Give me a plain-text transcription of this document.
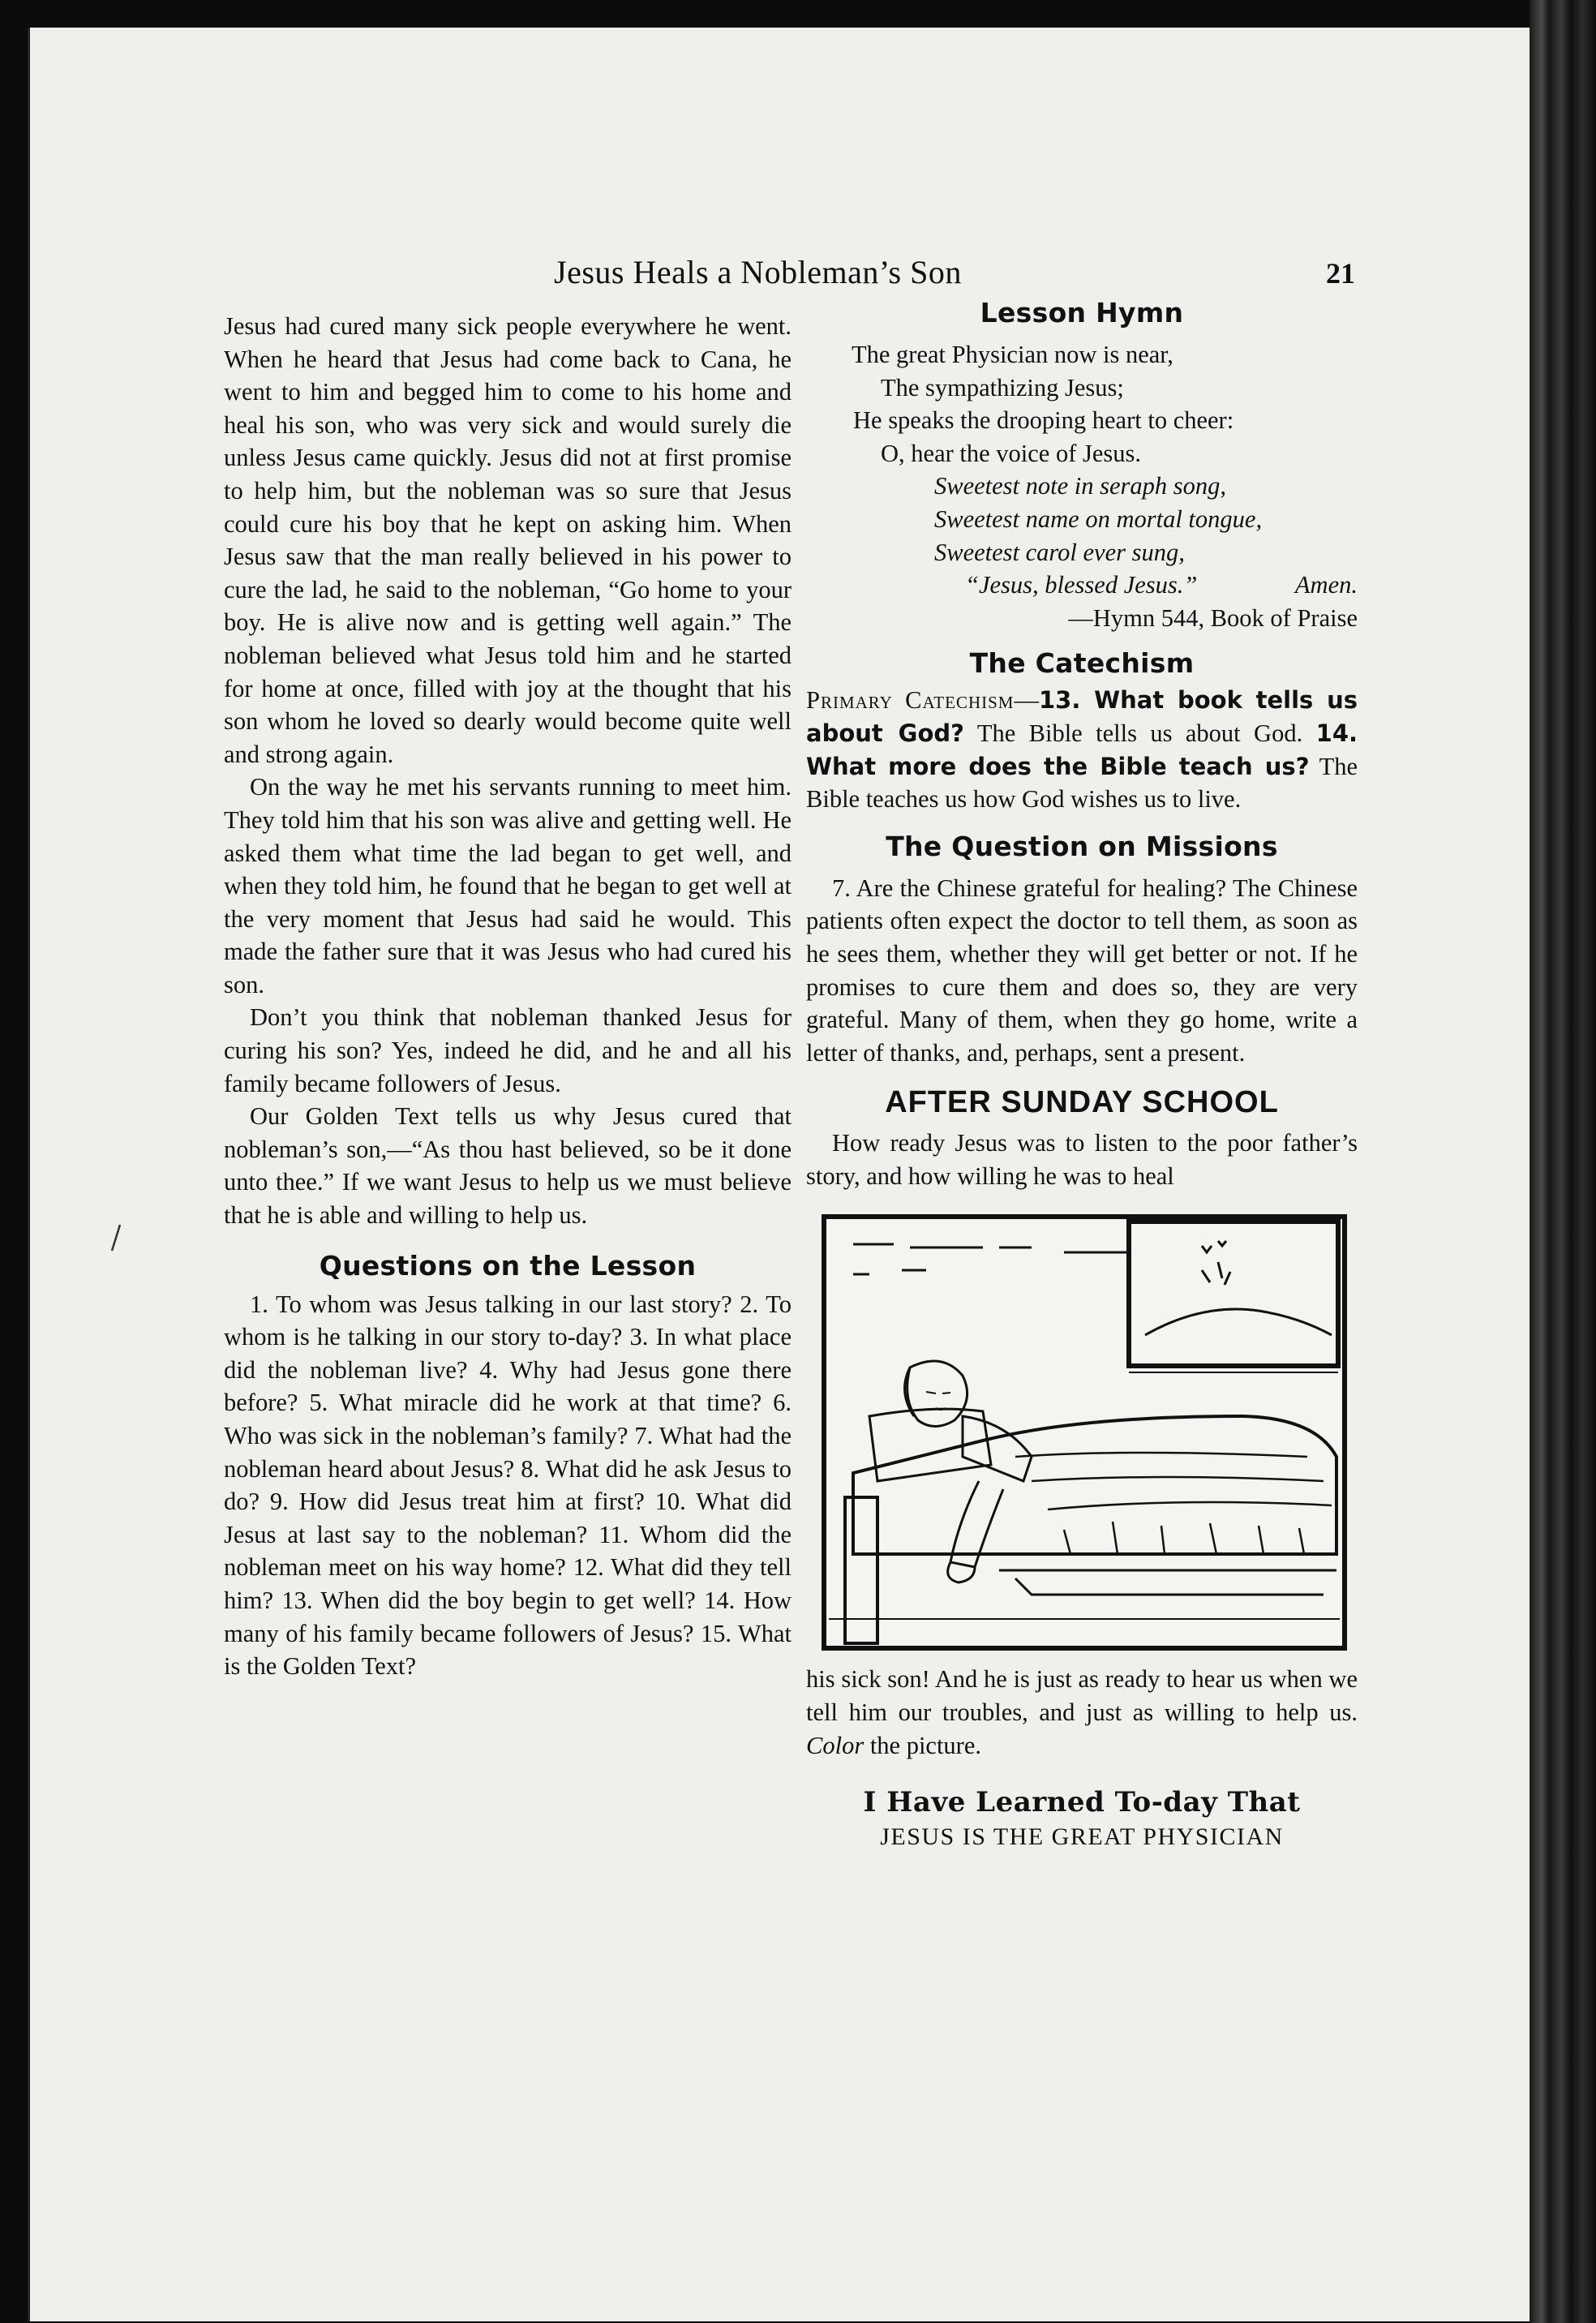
Jesus Heals a Nobleman’s Son	21

Jesus had cured many sick people everywhere he went. When he heard that Jesus had come back to Cana, he went to him and begged him to come to his home and heal his son, who was very sick and would surely die unless Jesus came quickly. Jesus did not at first promise to help him, but the nobleman was so sure that Jesus could cure his boy that he kept on asking him. When Jesus saw that the man really believed in his power to cure the lad, he said to the nobleman, “Go home to your boy. He is alive now and is getting well again.” The nobleman believed what Jesus told him and he started for home at once, filled with joy at the thought that his son whom he loved so dearly would become quite well and strong again.

On the way he met his servants running to meet him. They told him that his son was alive and getting well. He asked them what time the lad began to get well, and when they told him, he found that he began to get well at the very moment that Jesus had said he would. This made the father sure that it was Jesus who had cured his son.

Don’t you think that nobleman thanked Jesus for curing his son? Yes, indeed he did, and he and all his family became followers of Jesus.

Our Golden Text tells us why Jesus cured that nobleman’s son,—“As thou hast believed, so be it done unto thee.” If we want Jesus to help us we must believe that he is able and willing to help us.

Questions on the Lesson

1. To whom was Jesus talking in our last story? 2. To whom is he talking in our story to-day? 3. In what place did the nobleman live? 4. Why had Jesus gone there before? 5. What miracle did he work at that time? 6. Who was sick in the nobleman’s family? 7. What had the nobleman heard about Jesus? 8. What did he ask Jesus to do? 9. How did Jesus treat him at first? 10. What did Jesus at last say to the nobleman? 11. Whom did the nobleman meet on his way home? 12. What did they tell him? 13. When did the boy begin to get well? 14. How many of his family became followers of Jesus? 15. What is the Golden Text?

Lesson Hymn
The great Physician now is near,
The sympathizing Jesus;
He speaks the drooping heart to cheer:
O, hear the voice of Jesus.
Sweetest note in seraph song,
Sweetest name on mortal tongue,
Sweetest carol ever sung,
“Jesus, blessed Jesus.”	Amen.
—Hymn 544, Book of Praise
The Catechism

Primary Catechism—13. What book tells us about God? The Bible tells us about God. 14. What more does the Bible teach us? The Bible teaches us how God wishes us to live.

The Question on Missions

7. Are the Chinese grateful for healing? The Chinese patients often expect the doctor to tell them, as soon as he sees them, whether they will get better or not. If he promises to cure them and does so, they are very grateful. Many of them, when they go home, write a letter of thanks, and, perhaps, sent a present.

AFTER SUNDAY SCHOOL

How ready Jesus was to listen to the poor father’s story, and how willing he was to heal

his sick son! And he is just as ready to hear us when we tell him our troubles, and just as willing to help us. Color the picture.

I Have Learned To-day That
JESUS IS THE GREAT PHYSICIAN
